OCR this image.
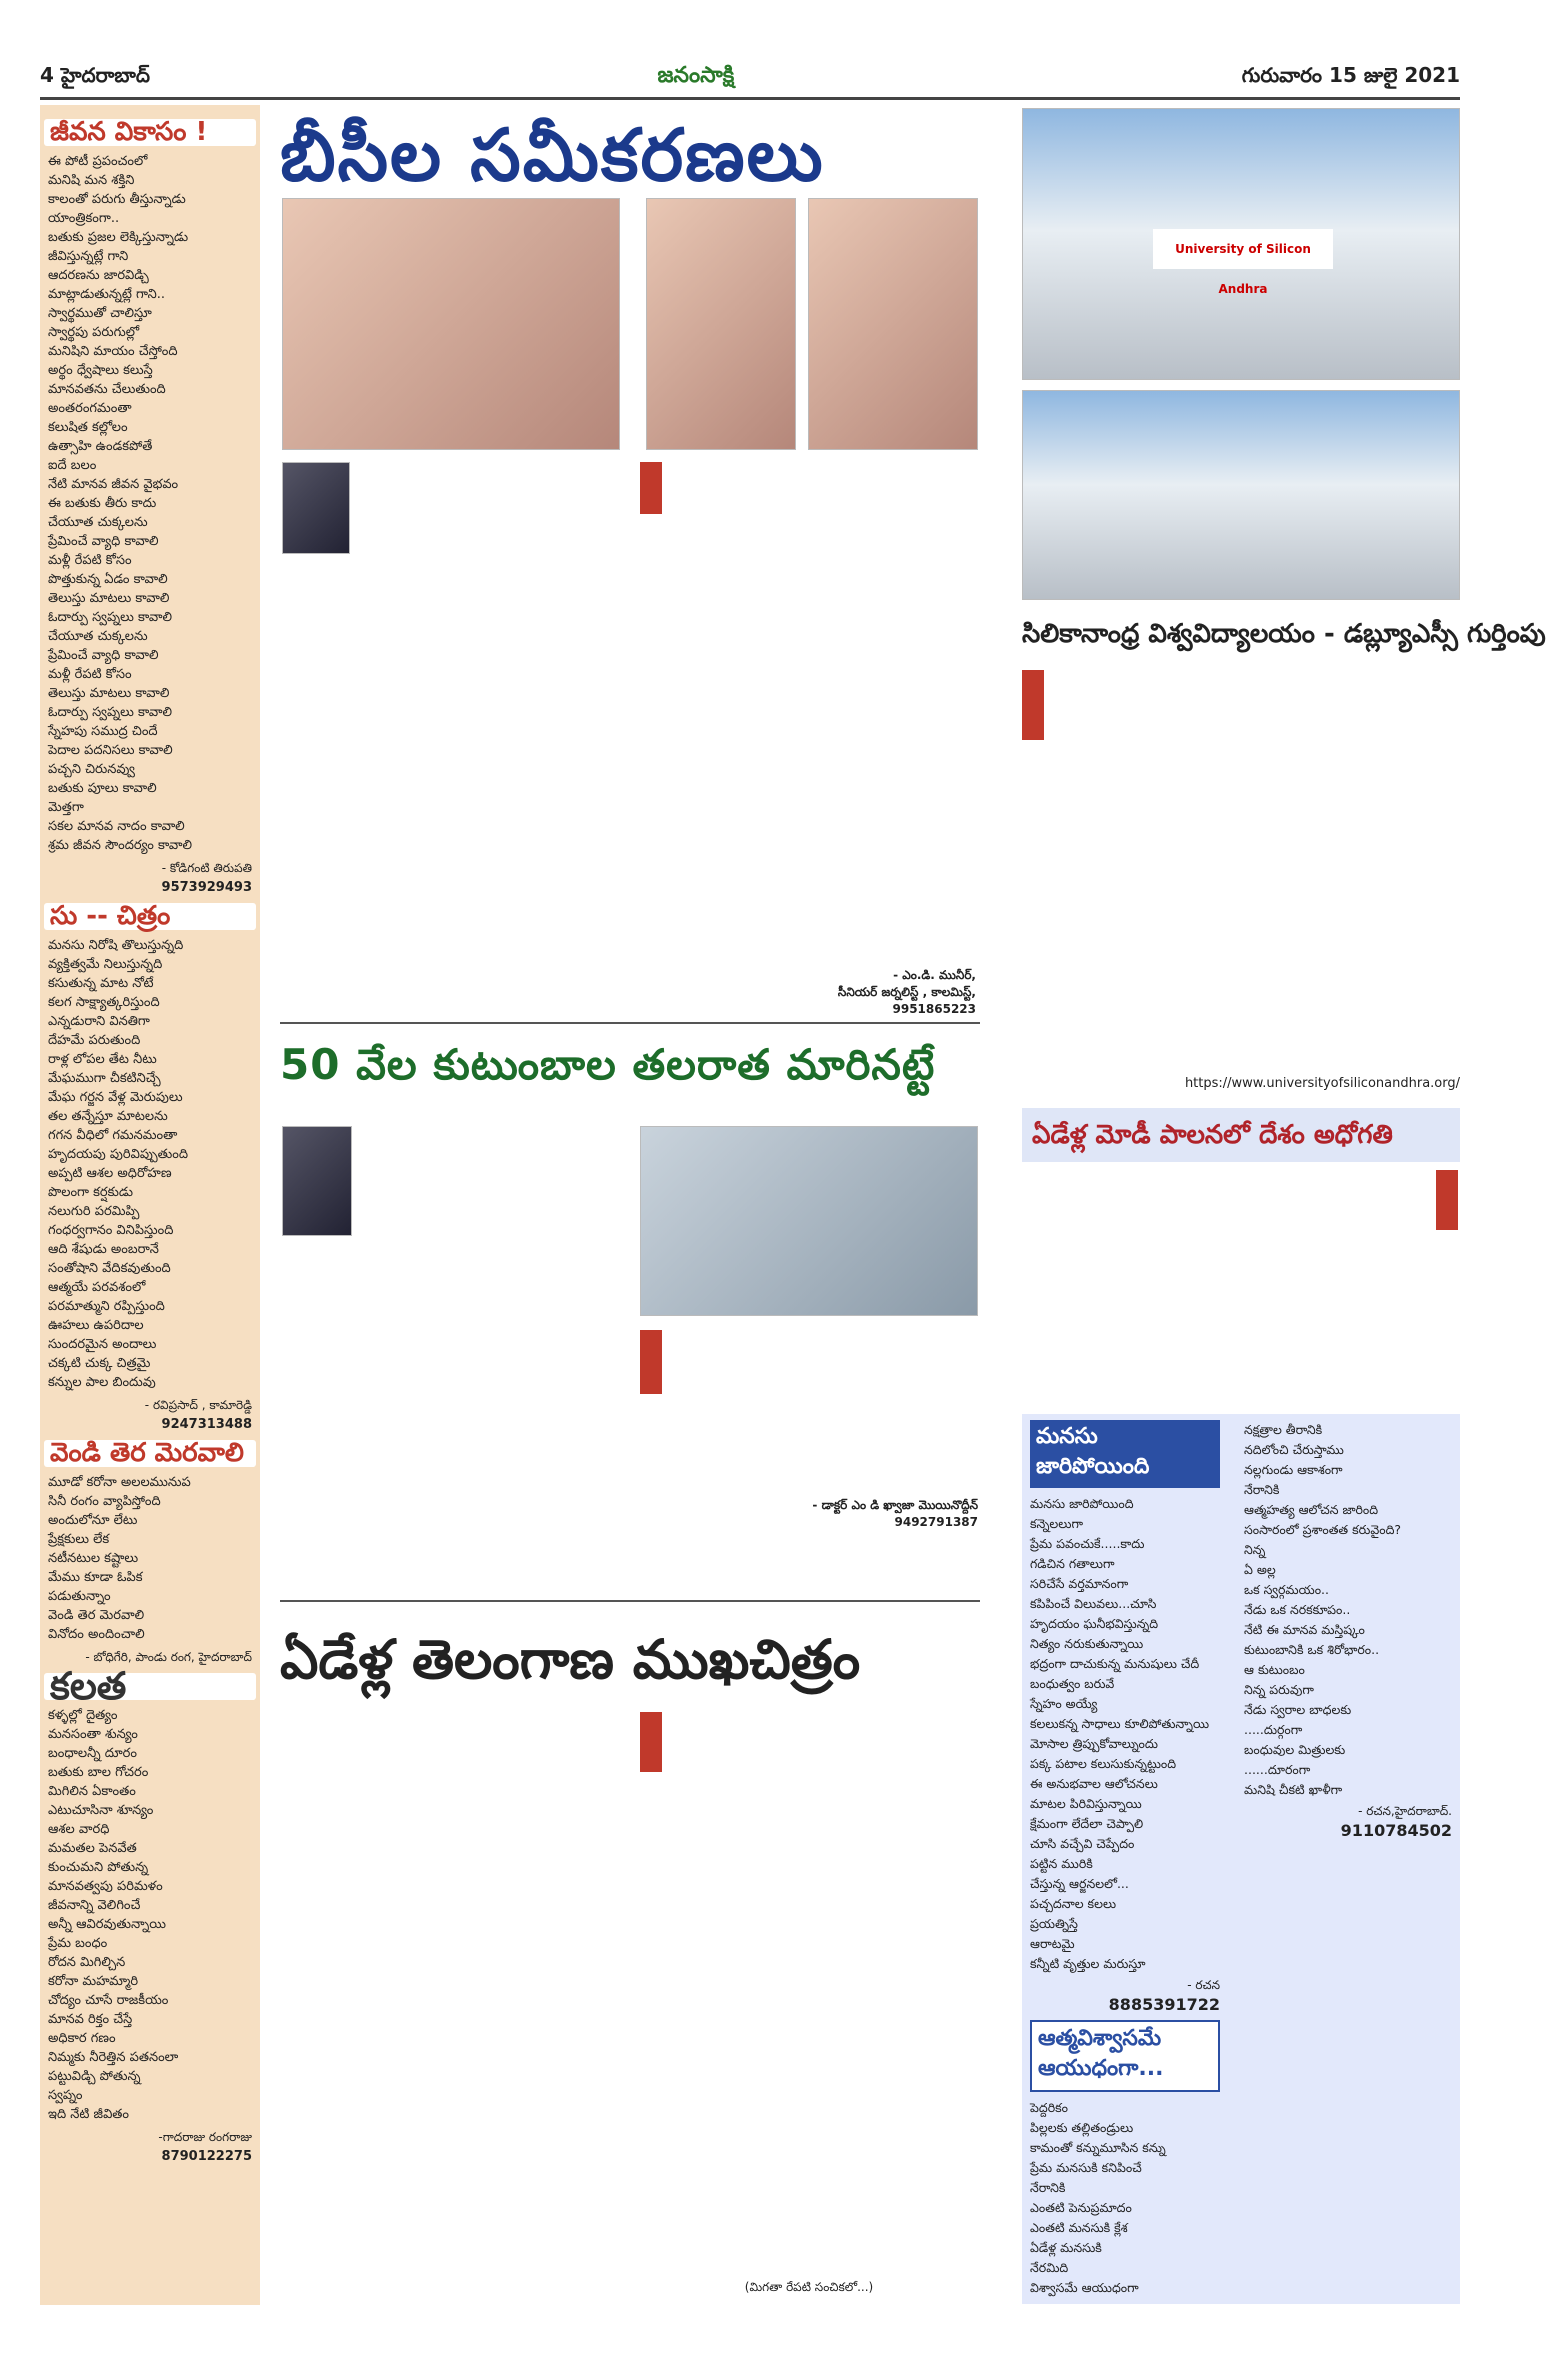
4 హైదరాబాద్	జనంసాక్షి	గురువారం 15 జులై 2021
జీవన వికాసం !
ఈ పోటీ ప్రపంచంలో
మనిషి మన శక్తిని
కాలంతో పరుగు తీస్తున్నాడు
యాంత్రికంగా..
బతుకు ప్రజల లెక్కిస్తున్నాడు
జీవిస్తున్నట్లే గాని
ఆదరణను జారవిడ్చి
మాట్లాడుతున్నట్లే గాని..
స్వార్థముతో చాలిస్తూ
స్వార్థపు పరుగుల్లో
మనిషిని మాయం చేస్తోంది
అర్థం ధ్వేషాలు కలుస్తే
మానవతను చేలుతుంది
అంతరంగమంతా
కలుషిత కల్లోలం
ఉత్సాహి ఉండకపోతే
ఐదే బలం
నేటి మానవ జీవన వైభవం
ఈ బతుకు తీరు కాదు
చేయూత చుక్కలను
ప్రేమించే వ్యాధి కావాలి
మళ్లీ రేపటి కోసం
పొత్తుకున్న ఏడం కావాలి
తెలుస్తు మాటలు కావాలి
ఓదార్పు స్వప్నలు కావాలి
చేయూత చుక్కలను
ప్రేమించే వ్యాధి కావాలి
మళ్లీ రేపటి కోసం
తెలుస్తు మాటలు కావాలి
ఓదార్పు స్వప్నలు కావాలి
స్నేహపు సముద్ర చిందే
పెదాల పదనిసలు కావాలి
పచ్చని చిరునవ్వు
బతుకు పూలు కావాలి
మెత్తగా
సకల మానవ నాదం కావాలి
శ్రమ జీవన సౌందర్యం కావాలి
- కోడిగంటి తిరుపతి
9573929493
సు -- చిత్రం
మనసు నిరోషి తొలుస్తున్నది
వ్యక్తిత్వమే నిలుస్తున్నది
కసుతున్న మాట నోటే
కలగ సాక్ష్యాత్కరిస్తుంది
ఎన్నడురాని వినతిగా
దేహమే పరుతుంది
రాళ్ల లోపల తేట నీటు
మేఘముగా చీకటినిచ్చే
మేఘ గర్జన వేళ్ల మెరుపులు
తల తన్నేస్తూ మాటలను
గగన వీధిలో గమనమంతా
హృదయపు పురివిప్పుతుంది
అప్పటి ఆశల అధిరోహణ
పొలంగా కర్షకుడు
నలుగురి పరమిప్పి
గంధర్వగానం వినిపిస్తుంది
ఆది శేషుడు అంబరానే
సంతోషాని వేదికవుతుంది
ఆత్మయే పరవశంలో
పరమాత్ముని రప్పిస్తుంది
ఊహలు ఉపరిదాల
సుందరమైన అందాలు
చక్కటి చుక్క చిత్రమై
కన్నుల పాల బిందువు
- రవిప్రసాద్ , కామారెడ్డి
9247313488
వెండి తెర మెరవాలి
మూడో కరోనా అలలమునుప
సినీ రంగం వ్యాపిస్తోంది
అందులోనూ లేటు
ప్రేక్షకులు లేక
నటీనటుల కష్టాలు
మేము కూడా ఓపిక
పడుతున్నాం
వెండి తెర మెరవాలి
వినోదం అందించాలి
- బోధిగేరి, పాండు రంగ, హైదరాబాద్
కలత
కళ్ళల్లో దైత్యం
మనసంతా శున్యం
బంధాలన్నీ దూరం
బతుకు బాల గోచరం
మిగిలిన ఏకాంతం
ఎటుచూసినా శూన్యం
ఆశల వారధి
మమతల పెనవేత
కుంచుమని పోతున్న
మానవత్వపు పరిమళం
జీవనాన్ని వెలిగించే
అన్నీ ఆవిరవుతున్నాయి
ప్రేమ బంధం
రోదన మిగిల్చిన
కరోనా మహమ్మారి
చోద్యం చూసే రాజకీయం
మానవ రిక్తం చేస్తే
అధికార గణం
నిమ్మకు నీరెత్తిన పతనంలా
పట్టువిడ్చి పోతున్న
స్వప్నం
ఇది నేటి జీవితం
-గాదరాజు రంగరాజు
8790122275
బీసీల సమీకరణలు
- ఎం.డి. మునీర్,
సీనియర్ జర్నలిస్ట్ , కాలమిస్ట్,
9951865223
50 వేల కుటుంబాల తలరాత మారినట్టే
- డాక్టర్ ఎం డి ఖ్వాజా మొయినొద్దీన్
9492791387
ఏడేళ్ల తెలంగాణ ముఖచిత్రం
(మిగతా రేపటి సంచికలో...)
University of Silicon Andhra
సిలికానాంధ్ర విశ్వవిద్యాలయం - డబ్ల్యూఎస్సీ గుర్తింపు
https://www.universityofsiliconandhra.org/
ఏడేళ్ల మోడీ పాలనలో దేశం అధోగతి
మనసు జారిపోయింది
మనసు జారిపోయింది
కన్నెలలుగా
ప్రేమ పవంచుకే.....కాదు
గడిచిన గతాలుగా
సరిచేసే వర్తమానంగా
కపిపించే విలువలు...చూసి
హృదయం ఘనీభవిస్తున్నది
నిత్యం నరుకుతున్నాయి
భద్రంగా దాచుకున్న మనుషులు చేదీ
బంధుత్వం బరువే
స్నేహం అయ్యే
కలలుకన్న సాధాలు కూలిపోతున్నాయి
మోసాల త్రిప్పుకోవాల్నుందు
పక్క పటాల కలుసుకున్నట్టుంది
ఈ అనుభవాల ఆలోచనలు
మాటల పిరివిస్తున్నాయి
క్షేమంగా లేదేలా చెప్పాలి
చూసి వచ్చేవి చెప్పేదం
పట్టిన మురికి
చేస్తున్న ఆర్జనలలో...
పచ్చదనాల కలలు
ప్రయత్నిస్తే
ఆరాటమై
కన్నీటి వృత్తుల మరుస్తూ
- రచన
8885391722
ఆత్మవిశ్వాసమే ఆయుధంగా...
పెద్దరికం
పిల్లలకు తల్లితండ్రులు
కామంతో కన్నుమూసిన కన్ను
ప్రేమ మనసుకి కనిపించే
నేరానికి
ఎంతటి పెనుప్రమాదం
ఎంతటి మనసుకి క్లేశ
ఏడేళ్ల మనసుకి
నేరమిది
విశ్వాసమే ఆయుధంగా
నక్షత్రాల తీరానికి
నదిలోంచి చేరుస్తాము
నల్లగుండు ఆకాశంగా
నేరానికి
ఆత్మహత్య ఆలోచన జారింది
సంసారంలో ప్రశాంతత కరువైంది?
నిన్న
ఏ అల్ల
ఒక స్వర్గమయం..
నేడు ఒక నరకకూపం..
నేటి ఈ మానవ మస్తిష్కం
కుటుంబానికి ఒక శిరోభారం..
ఆ కుటుంబం
నిన్న పరువుగా
నేడు స్వరాల బాధలకు
.....దుర్గంగా
బంధువుల మిత్రులకు
......దూరంగా
మనిషి చీకటి ఖాళీగా
- రచన,హైదరాబాద్.
9110784502
